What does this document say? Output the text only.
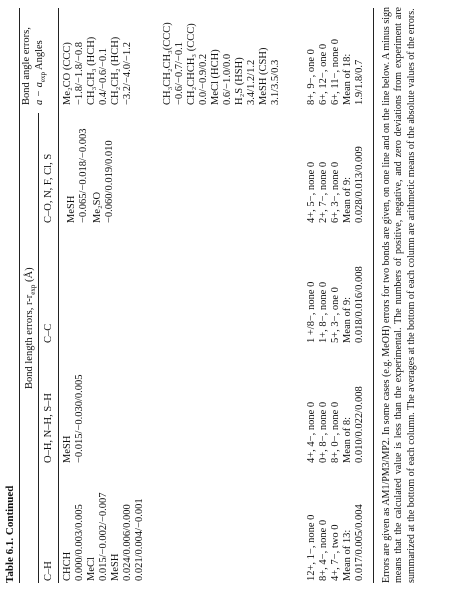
Table 6.1. Continued
Bond length errors, $r-r_{exp}$ (Å)
Bond angle errors, $a - a_{exp}$ Angles
C–H
O–H, N–H, S–H
C–C
C–O, N, F, Cl, S
CHCH 0.000/0.003/0.005 MeCl 0.015/−0.002/−0.007 MeSH 0.024/0.006/0.000 0.021/0.004/−0.001
MeSH −0.015/−0.030/0.005
MeSH −0.065/−0.018/−0.003 Me₂SO −0.060/0.019/0.010
Me₂CO (CCC) −1.8/−1.8/−0.8 CH₃CH₃ (HCH) 0.4/−0.6/−0.1 CH₂CH₂ (HCH) −3.2/−4.0/−1.2	CH₃CH₂CH₃(CCC) −0.6/−0.7/−0.1 CH₂CHCH₃ (CCC) 0.0/−0.9/0.2 MeCl (HCH) 0.6/−1.0/0.0 H₂S (HSH) 3.4/1.2/1.2 MeSH (CSH) 3.1/3.5/0.3
12+, 1−, none 0 8+, 4−, none 0 4+, 7−, two 0 Mean of 13: 0.017/0.005/0.004
4+, 4−, none 0 0+, 8−, none 0 8+, 0−, none 0 Mean of 8: 0.010/0.022/0.008
1 +/8−, none 0 1+, 8−, none 0 5+, 3−, one 0 Mean of 9: 0.018/0.016/0.008
4+, 5−, none 0 2+, 7−, none 0 6+, 3−, none 0 Mean of 9: 0.028/0.013/0.009
8+, 9−, one 0 6+, 12−, one 0 6+, 11−, none 0 Mean of 18: 1.9/1.8/0.7 Errors are given as AM1/PM3/MP2. In some cases (e.g. MeOH) errors for two bonds are given, on one line and on the line below. A minus sign means that the calculated value is less than the experimental. The numbers of positive, negative, and zero deviations from experiment are summarized at the bottom of each column. The averages at the bottom of each column are arithmetic means of the absolute values of the errors.
